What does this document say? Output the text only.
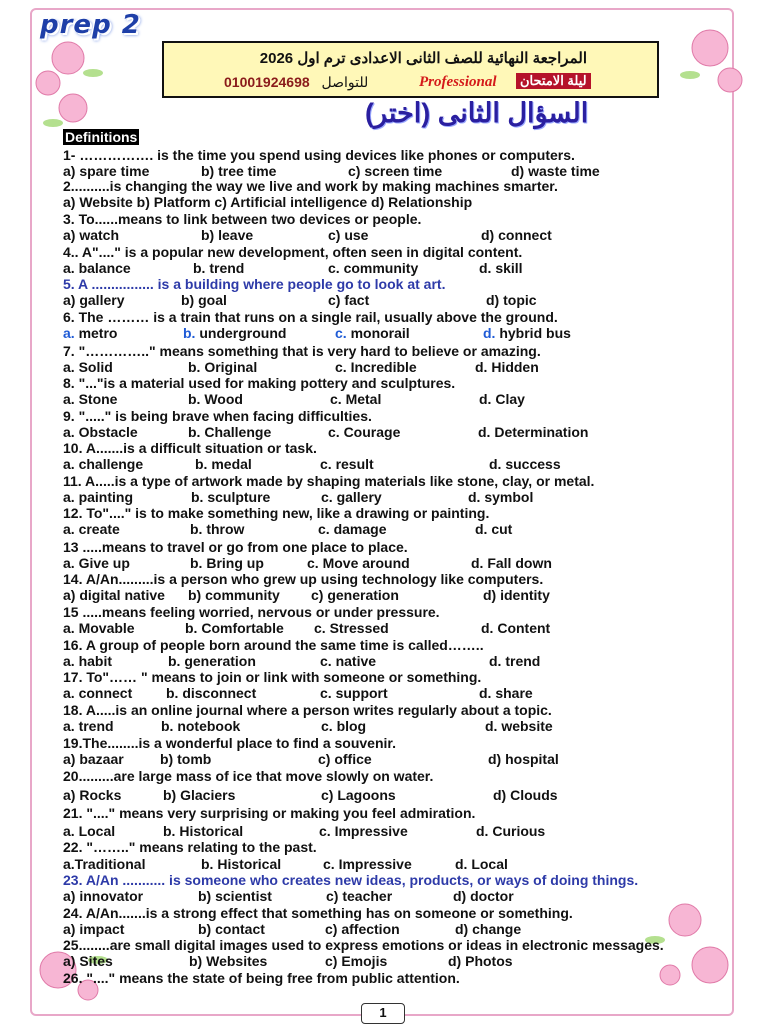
prep 2
المراجعة النهائية للصف الثانى الاعدادى ترم اول 2026
01001924698 للتواصل	Professional	ليلة الامتحان
السؤال الثانى (اختر)
Definitions
1- ……………. is the time you spend using devices like phones or computers.
a) spare time	b) tree time	c) screen time	d) waste time
2..........is changing the way we live and work by making machines smarter.
a) Website b) Platform c) Artificial intelligence d) Relationship
3. To......means to link between two devices or people.
a) watch	b) leave	c) use	d) connect
4.. A"...." is a popular new development, often seen in digital content.
a. balance	b. trend	c. community	d. skill
5. A ................ is a building where people go to look at art.
a) gallery	b) goal	c) fact	d) topic
6. The ……… is a train that runs on a single rail, usually above the ground.
a. metro	b. underground	c. monorail	d. hybrid bus
7. "………….." means something that is very hard to believe or amazing.
a. Solid	b. Original	c. Incredible	d. Hidden
8. "..."is a material used for making pottery and sculptures.
a. Stone	b. Wood	c. Metal	d. Clay
9. "....." is being brave when facing difficulties.
a. Obstacle	b. Challenge	c. Courage	d. Determination
10. A.......is a difficult situation or task.
a. challenge	b. medal	c. result	d. success
11. A.....is a type of artwork made by shaping materials like stone, clay, or metal.
a. painting	b. sculpture	c. gallery	d. symbol
12. To"...." is to make something new, like a drawing or painting.
a. create	b. throw	c. damage	d. cut
13 .....means to travel or go from one place to place.
a. Give up	b. Bring up	c. Move around	d. Fall down
14. A/An.........is a person who grew up using technology like computers.
a) digital native b) community c) generation	d) identity
15 .....means feeling worried, nervous or under pressure.
a. Movable	b. Comfortable c. Stressed	d. Content
16. A group of people born around the same time is called……..
a. habit	b. generation	c. native	d. trend
17. To"…… " means to join or link with someone or something.
a. connect b. disconnect	c. support	d. share
18. A.....is an online journal where a person writes regularly about a topic.
a. trend	b. notebook	c. blog	d. website
19.The........is a wonderful place to find a souvenir.
a) bazaar	b) tomb	c) office	d) hospital
20.........are large mass of ice that move slowly on water.
a) Rocks	b) Glaciers	c) Lagoons	d) Clouds
21. "...." means very surprising or making you feel admiration.
a. Local	b. Historical	c. Impressive	d. Curious
22. "…….." means relating to the past.
a.Traditional	b. Historical	c. Impressive	d. Local
23. A/An ........... is someone who creates new ideas, products, or ways of doing things.
a) innovator	b) scientist	c) teacher	d) doctor
24. A/An.......is a strong effect that something has on someone or something.
a) impact	b) contact	c) affection	d) change
25........are small digital images used to express emotions or ideas in electronic messages.
a) Sites	b) Websites	c) Emojis	d) Photos
26. "...." means the state of being free from public attention.
1
